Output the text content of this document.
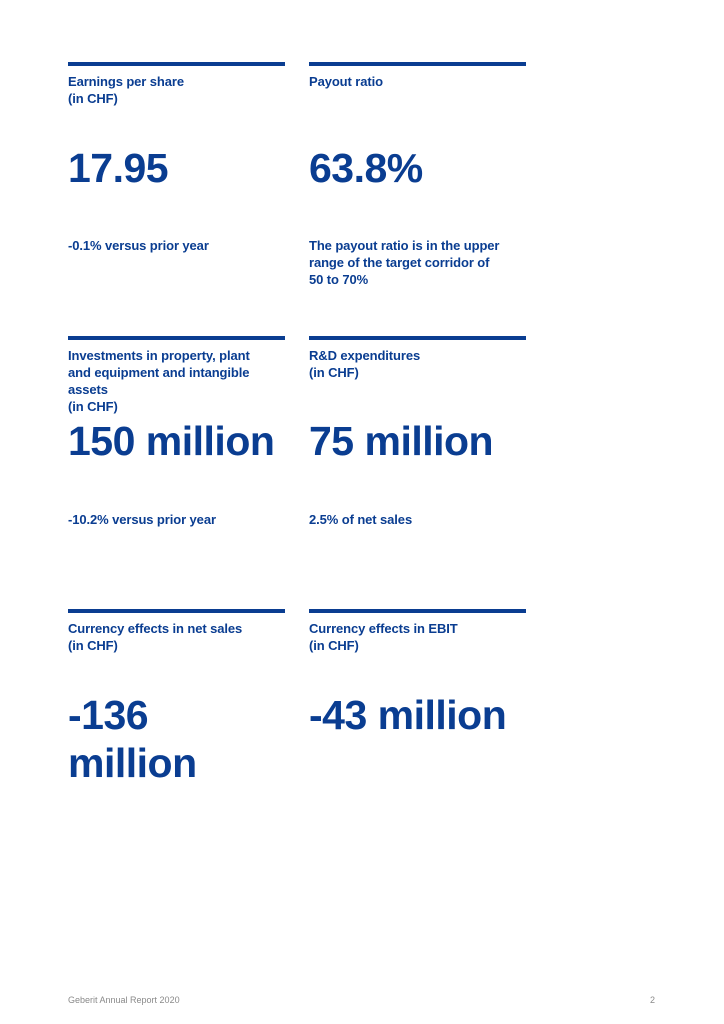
Earnings per share
(in CHF)
17.95
-0.1% versus prior year
Payout ratio
63.8%
The payout ratio is in the upper
range of the target corridor of
50 to 70%
Investments in property, plant
and equipment and intangible
assets
(in CHF)
150 million
-10.2% versus prior year
R&D expenditures
(in CHF)
75 million
2.5% of net sales
Currency effects in net sales
(in CHF)
-136
million
Currency effects in EBIT
(in CHF)
-43 million
Geberit Annual Report 2020	2
